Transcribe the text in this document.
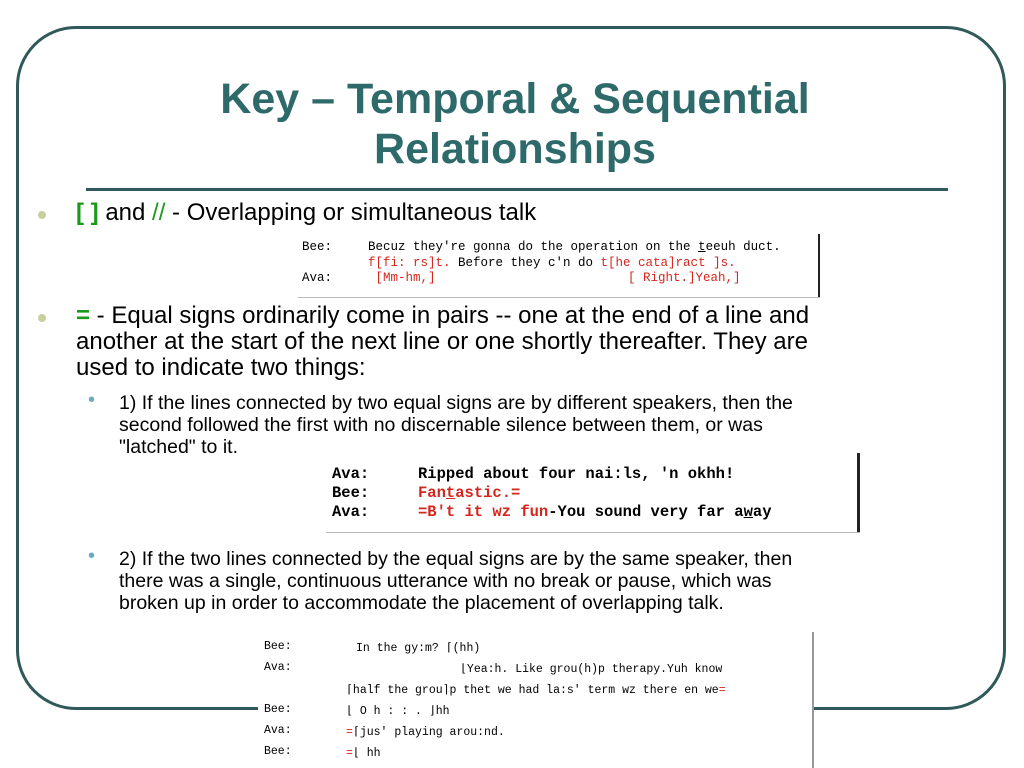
Key – Temporal & Sequential
Relationships
[ ] and // - Overlapping or simultaneous talk
Bee:	Becuz they're gonna do the operation on the teeuh duct.
f[fi: rs]t. Before they c'n do t[he cata]ract ]s.
Ava:	[Mm-hm,]	[ Right.]Yeah,]
= - Equal signs ordinarily come in pairs -- one at the end of a line and
another at the start of the next line or one shortly thereafter. They are
used to indicate two things:
• 1) If the lines connected by two equal signs are by different speakers, then the
second followed the first with no discernable silence between them, or was
"latched" to it.
Ava:	Ripped about four nai:ls, 'n okhh!
Bee:	Fantastic.=
Ava:	=B't it wz fun-You sound very far away
• 2) If the two lines connected by the equal signs are by the same speaker, then
there was a single, continuous utterance with no break or pause, which was
broken up in order to accommodate the placement of overlapping talk.
Bee:	In the gy:m? ⌈(hh)
Ava:	⌊Yea:h. Like grou(h)p therapy.Yuh know
⌈half the grou⌉p thet we had la:s' term wz there en we=
Bee:	⌊ O h : : . ⌋hh
Ava:	=⌈jus' playing arou:nd.
Bee:	=⌊ hh
